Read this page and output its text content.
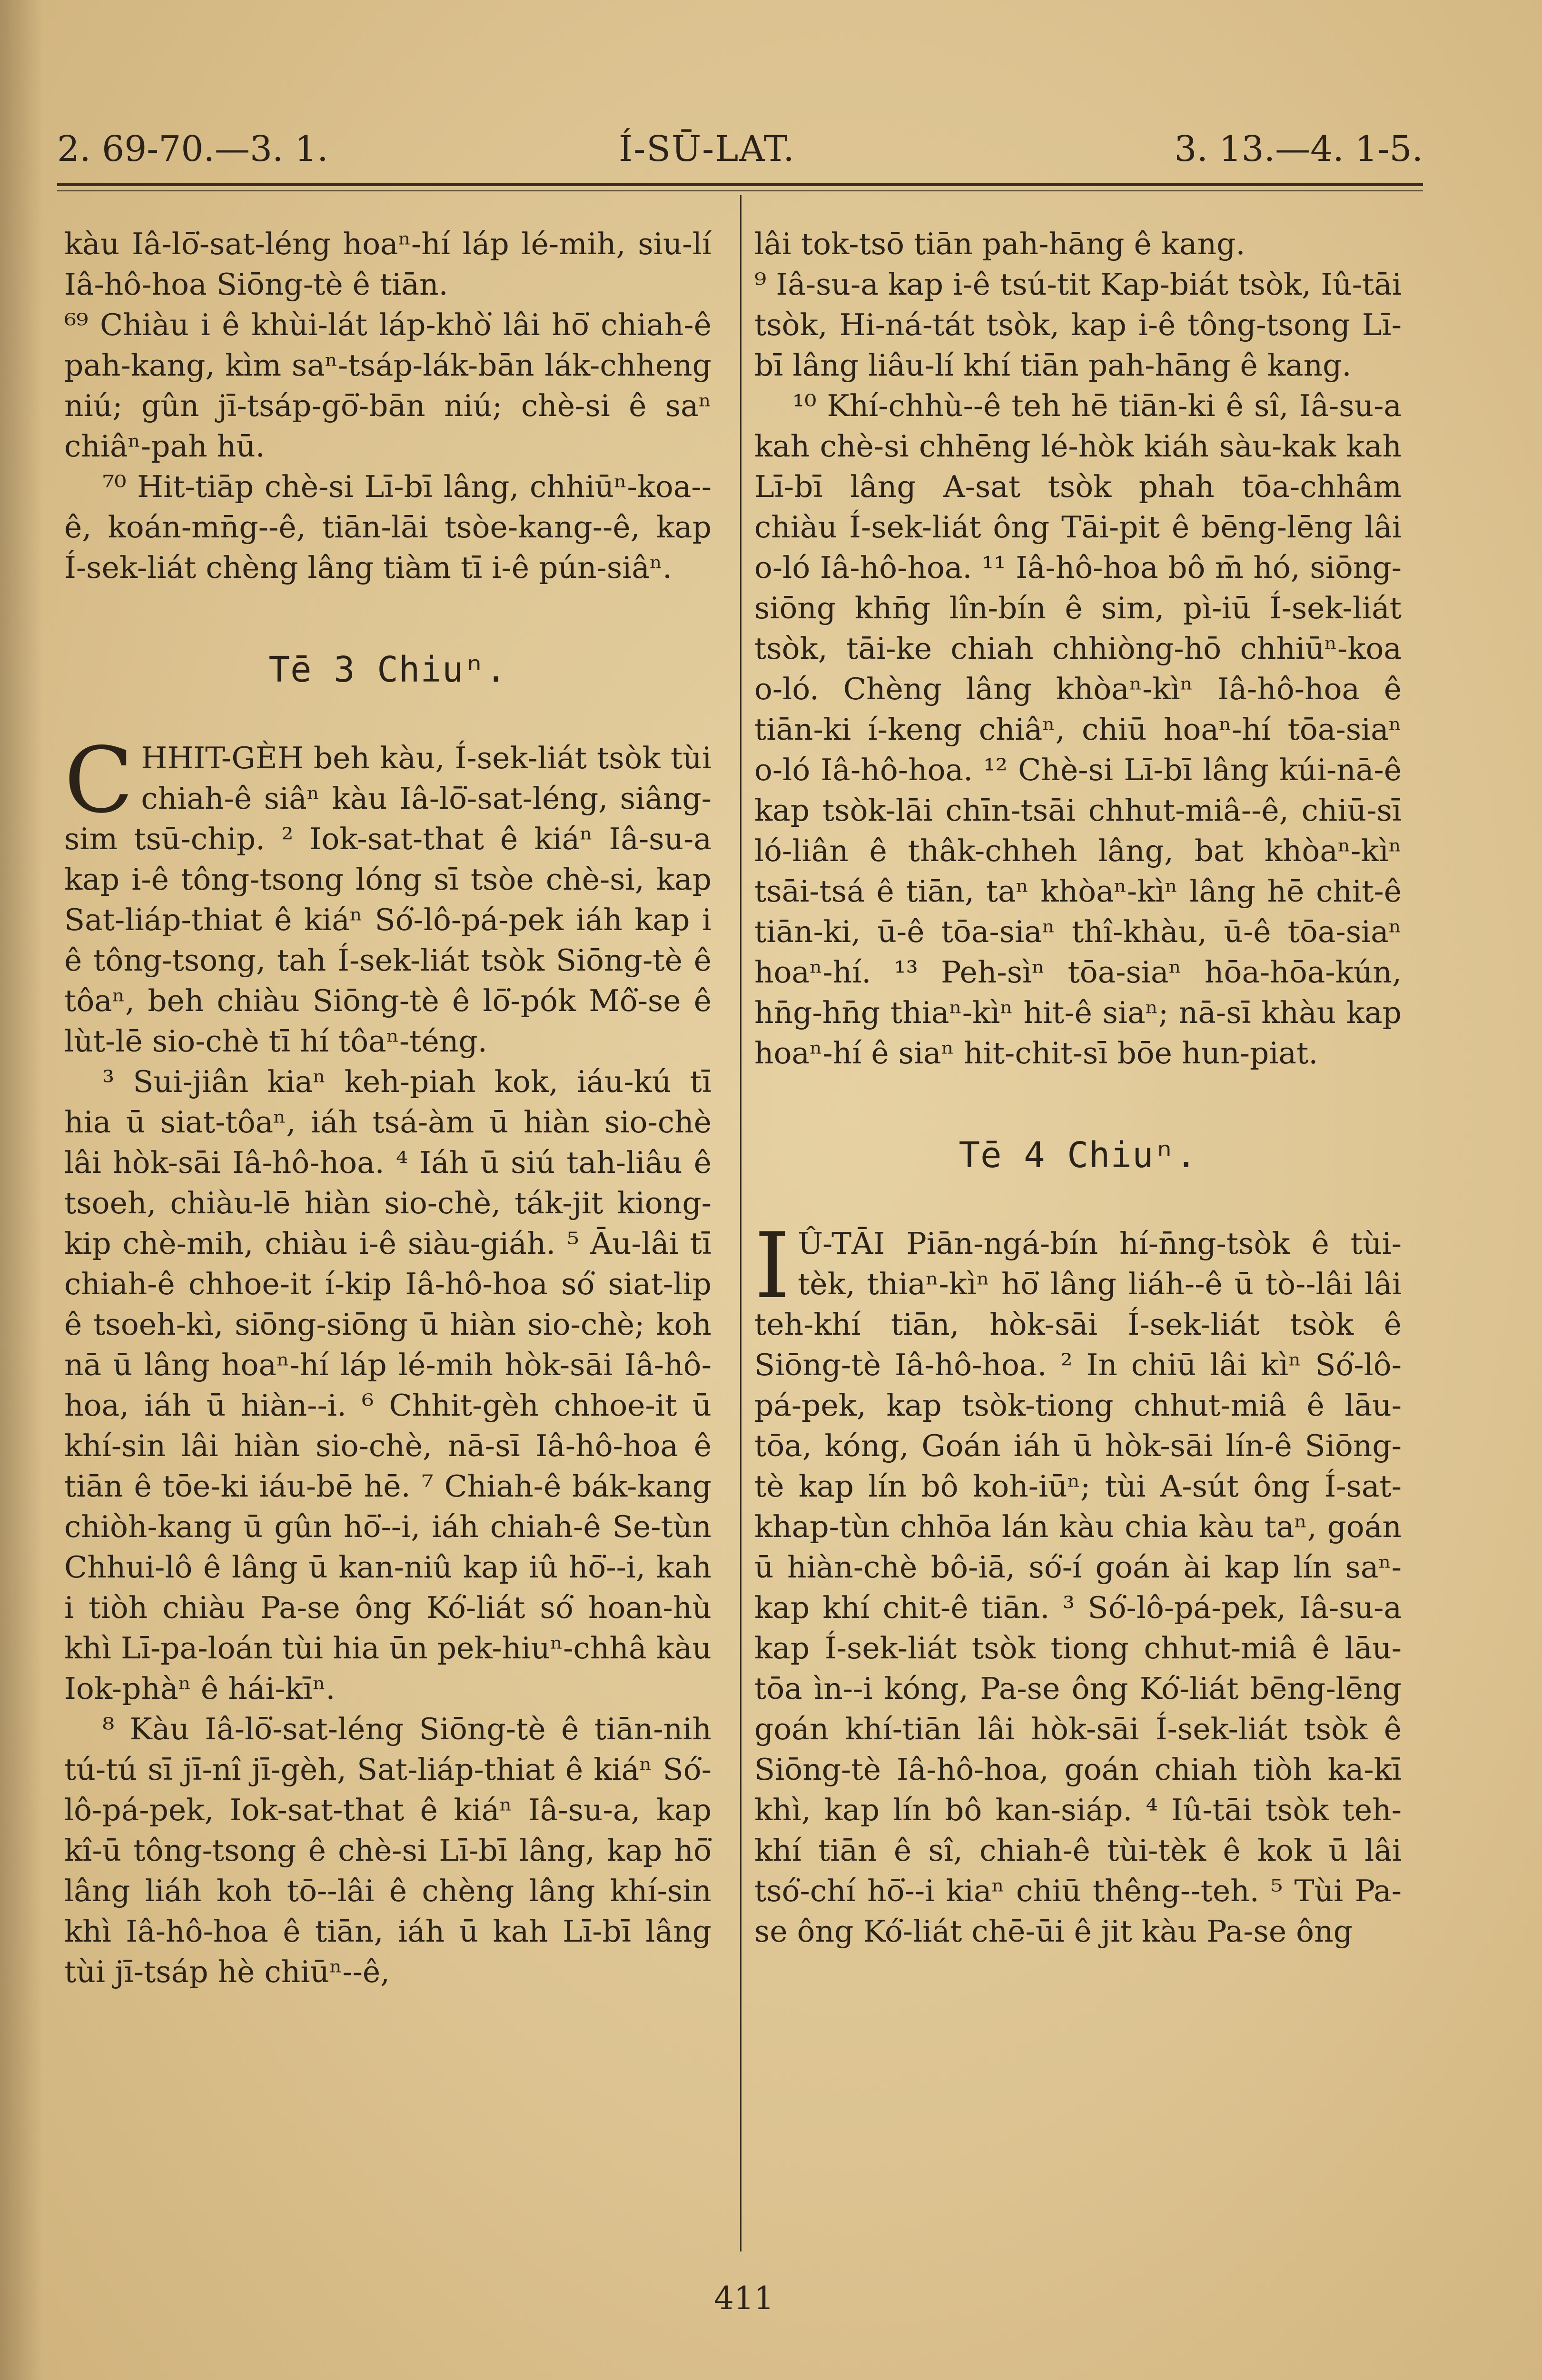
2. 69-70.—3. 1.	Í-SŪ-LAT.	3. 13.—4. 1-5.

kàu Iâ-lō͘-sat-léng hoaⁿ-hí láp lé-mih, siu-lí Iâ-hô-hoa Siōng-tè ê tiān.

⁶⁹ Chiàu i ê khùi-lát láp-khò͘ lâi hō͘ chiah-ê pah-kang, kìm saⁿ-tsáp-lák-bān lák-chheng niú; gûn jī-tsáp-gō͘-bān niú; chè-si ê saⁿ chiâⁿ-pah hū.

⁷⁰ Hit-tiāp chè-si Lī-bī lâng, chhiūⁿ-koa--ê, koán-mn̄g--ê, tiān-lāi tsòe-kang--ê, kap Í-sek-liát chèng lâng tiàm tī i-ê pún-siâⁿ.

Tē 3 Chiuⁿ.

CHHIT-GÈH beh kàu, Í-sek-liát tsòk tùi chiah-ê siâⁿ kàu Iâ-lō͘-sat-léng, siâng-sim tsū-chip. ² Iok-sat-that ê kiáⁿ Iâ-su-a kap i-ê tông-tsong lóng sī tsòe chè-si, kap Sat-liáp-thiat ê kiáⁿ Só͘-lô-pá-pek iáh kap i ê tông-tsong, tah Í-sek-liát tsòk Siōng-tè ê tôaⁿ, beh chiàu Siōng-tè ê lō͘-pók Mô͘-se ê lùt-lē sio-chè tī hí tôaⁿ-téng.

³ Sui-jiân kiaⁿ keh-piah kok, iáu-kú tī hia ū siat-tôaⁿ, iáh tsá-àm ū hiàn sio-chè lâi hòk-sāi Iâ-hô-hoa. ⁴ Iáh ū siú tah-liâu ê tsoeh, chiàu-lē hiàn sio-chè, ták-jit kiong-kip chè-mih, chiàu i-ê siàu-giáh. ⁵ Āu-lâi tī chiah-ê chhoe-it í-kip Iâ-hô-hoa só͘ siat-lip ê tsoeh-kì, siōng-siōng ū hiàn sio-chè; koh nā ū lâng hoaⁿ-hí láp lé-mih hòk-sāi Iâ-hô-hoa, iáh ū hiàn--i. ⁶ Chhit-gèh chhoe-it ū khí-sin lâi hiàn sio-chè, nā-sī Iâ-hô-hoa ê tiān ê tōe-ki iáu-bē hē. ⁷ Chiah-ê bák-kang chiòh-kang ū gûn hō͘--i, iáh chiah-ê Se-tùn Chhui-lô ê lâng ū kan-niû kap iû hō͘--i, kah i tiòh chiàu Pa-se ông Kó͘-liát só͘ hoan-hù khì Lī-pa-loán tùi hia ūn pek-hiuⁿ-chhâ kàu Iok-phàⁿ ê hái-kīⁿ.

⁸ Kàu Iâ-lō͘-sat-léng Siōng-tè ê tiān-nih tú-tú sī jī-nî jī-gèh, Sat-liáp-thiat ê kiáⁿ Só͘-lô-pá-pek, Iok-sat-that ê kiáⁿ Iâ-su-a, kap kî-ū tông-tsong ê chè-si Lī-bī lâng, kap hō͘ lâng liáh koh tō--lâi ê chèng lâng khí-sin khì Iâ-hô-hoa ê tiān, iáh ū kah Lī-bī lâng tùi jī-tsáp hè chiūⁿ--ê,

lâi tok-tsō tiān pah-hāng ê kang.

⁹ Iâ-su-a kap i-ê tsú-tit Kap-biát tsòk, Iû-tāi tsòk, Hi-ná-tát tsòk, kap i-ê tông-tsong Lī-bī lâng liâu-lí khí tiān pah-hāng ê kang.

¹⁰ Khí-chhù--ê teh hē tiān-ki ê sî, Iâ-su-a kah chè-si chhēng lé-hòk kiáh sàu-kak kah Lī-bī lâng A-sat tsòk phah tōa-chhâm chiàu Í-sek-liát ông Tāi-pit ê bēng-lēng lâi o-ló Iâ-hô-hoa. ¹¹ Iâ-hô-hoa bô m̄ hó, siōng-siōng khn̄g lîn-bín ê sim, pì-iū Í-sek-liát tsòk, tāi-ke chiah chhiòng-hō chhiūⁿ-koa o-ló. Chèng lâng khòaⁿ-kìⁿ Iâ-hô-hoa ê tiān-ki í-keng chiâⁿ, chiū hoaⁿ-hí tōa-siaⁿ o-ló Iâ-hô-hoa. ¹² Chè-si Lī-bī lâng kúi-nā-ê kap tsòk-lāi chīn-tsāi chhut-miâ--ê, chiū-sī ló-liân ê thâk-chheh lâng, bat khòaⁿ-kìⁿ tsāi-tsá ê tiān, taⁿ khòaⁿ-kìⁿ lâng hē chit-ê tiān-ki, ū-ê tōa-siaⁿ thî-khàu, ū-ê tōa-siaⁿ hoaⁿ-hí. ¹³ Peh-sìⁿ tōa-siaⁿ hōa-hōa-kún, hn̄g-hn̄g thiaⁿ-kìⁿ hit-ê siaⁿ; nā-sī khàu kap hoaⁿ-hí ê siaⁿ hit-chit-sī bōe hun-piat.

Tē 4 Chiuⁿ.

I Û-TĀI Piān-ngá-bín hí-n̄ng-tsòk ê tùi-tèk, thiaⁿ-kìⁿ hō͘ lâng liáh--ê ū tò--lâi lâi teh-khí tiān, hòk-sāi Í-sek-liát tsòk ê Siōng-tè Iâ-hô-hoa. ² In chiū lâi kìⁿ Só͘-lô-pá-pek, kap tsòk-tiong chhut-miâ ê lāu-tōa, kóng, Goán iáh ū hòk-sāi lín-ê Siōng-tè kap lín bô koh-iūⁿ; tùi A-sút ông Í-sat-khap-tùn chhōa lán kàu chia kàu taⁿ, goán ū hiàn-chè bô-iā, só͘-í goán ài kap lín saⁿ-kap khí chit-ê tiān. ³ Só͘-lô-pá-pek, Iâ-su-a kap Í-sek-liát tsòk tiong chhut-miâ ê lāu-tōa ìn--i kóng, Pa-se ông Kó͘-liát bēng-lēng goán khí-tiān lâi hòk-sāi Í-sek-liát tsòk ê Siōng-tè Iâ-hô-hoa, goán chiah tiòh ka-kī khì, kap lín bô kan-siáp. ⁴ Iû-tāi tsòk teh-khí tiān ê sî, chiah-ê tùi-tèk ê kok ū lâi tsó͘-chí hō͘--i kiaⁿ chiū thêng--teh. ⁵ Tùi Pa-se ông Kó͘-liát chē-ūi ê jit kàu Pa-se ông

411
